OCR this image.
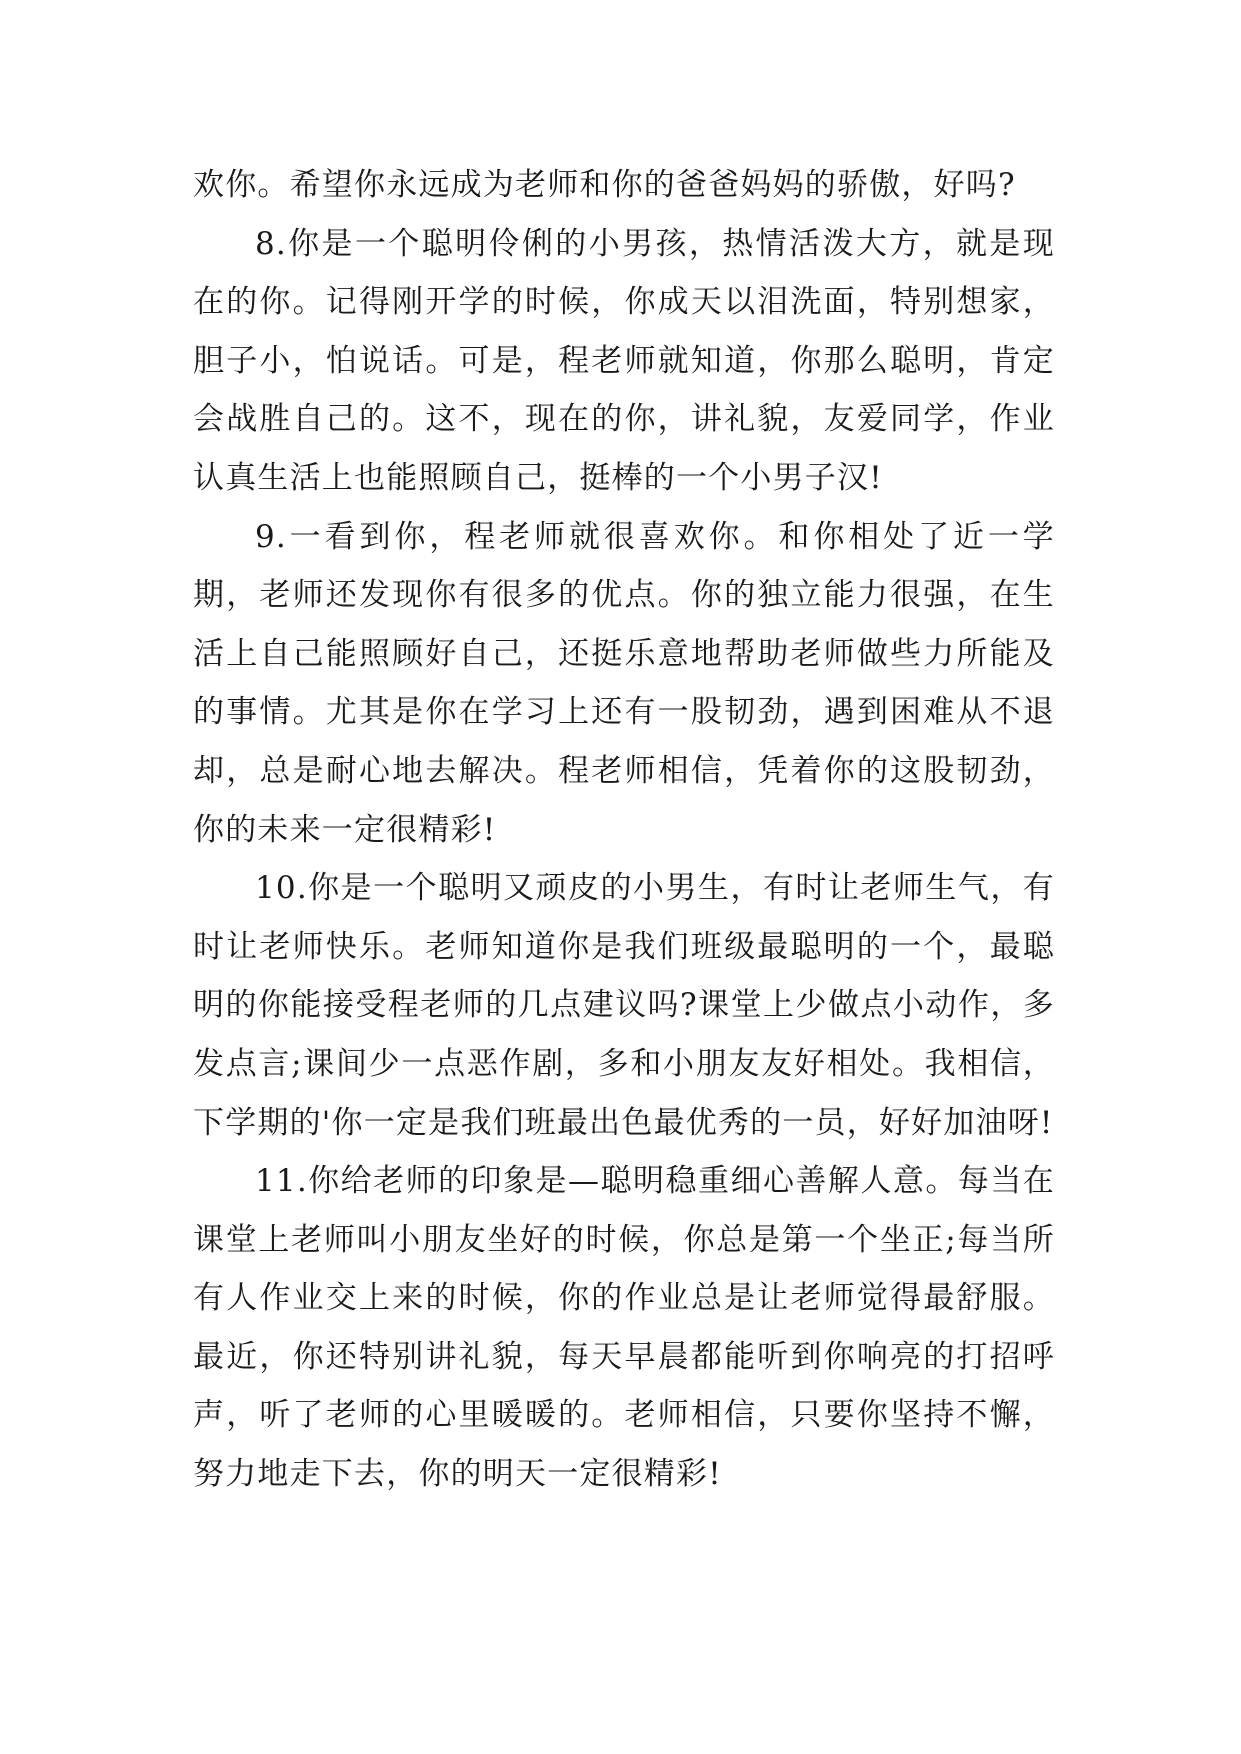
欢你。希望你永远成为老师和你的爸爸妈妈的骄傲，好吗?

8.你是一个聪明伶俐的小男孩，热情活泼大方，就是现在的你。记得刚开学的时候，你成天以泪洗面，特别想家，胆子小，怕说话。可是，程老师就知道，你那么聪明，肯定会战胜自己的。这不，现在的你，讲礼貌，友爱同学，作业认真生活上也能照顾自己，挺棒的一个小男子汉!

9.一看到你，程老师就很喜欢你。和你相处了近一学期，老师还发现你有很多的优点。你的独立能力很强，在生活上自己能照顾好自己，还挺乐意地帮助老师做些力所能及的事情。尤其是你在学习上还有一股韧劲，遇到困难从不退却，总是耐心地去解决。程老师相信，凭着你的这股韧劲，你的未来一定很精彩!

10.你是一个聪明又顽皮的小男生，有时让老师生气，有时让老师快乐。老师知道你是我们班级最聪明的一个，最聪明的你能接受程老师的几点建议吗?课堂上少做点小动作，多发点言;课间少一点恶作剧，多和小朋友友好相处。我相信，下学期的'你一定是我们班最出色最优秀的一员，好好加油呀!

11.你给老师的印象是—聪明稳重细心善解人意。每当在课堂上老师叫小朋友坐好的时候，你总是第一个坐正;每当所有人作业交上来的时候，你的作业总是让老师觉得最舒服。最近，你还特别讲礼貌，每天早晨都能听到你响亮的打招呼声，听了老师的心里暖暖的。老师相信，只要你坚持不懈，努力地走下去，你的明天一定很精彩!
